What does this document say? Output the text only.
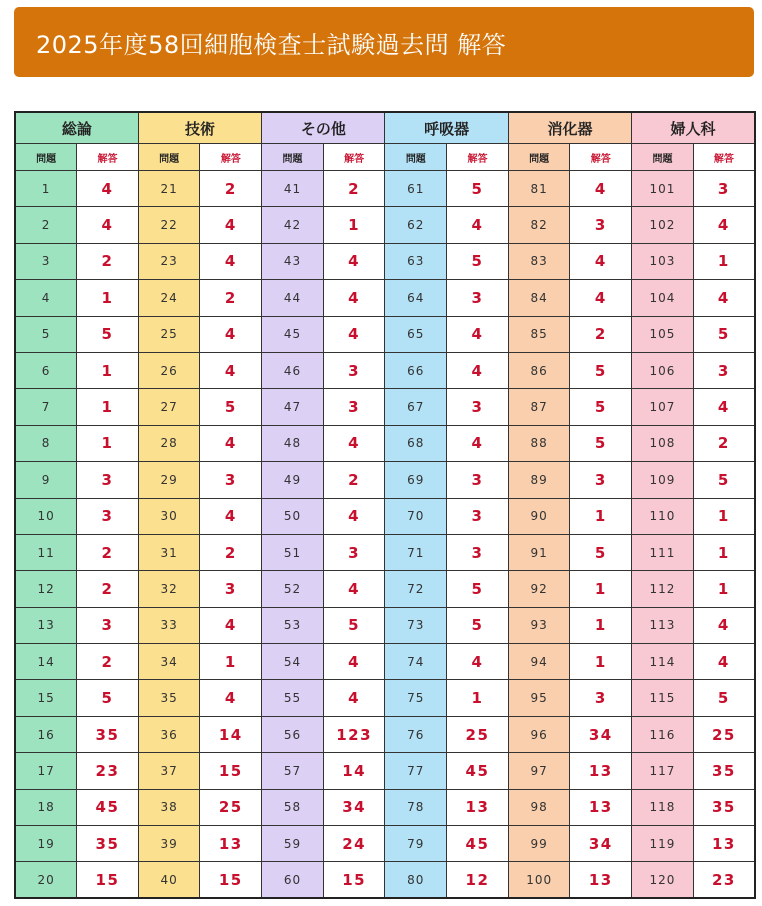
2025年度58回細胞検査士試験過去問 解答
総論		技術		その他		呼吸器		消化器		婦人科	
問題	解答	問題	解答	問題	解答	問題	解答	問題	解答	問題	解答
1	4	21	2	41	2	61	5	81	4	101	3
2	4	22	4	42	1	62	4	82	3	102	4
3	2	23	4	43	4	63	5	83	4	103	1
4	1	24	2	44	4	64	3	84	4	104	4
5	5	25	4	45	4	65	4	85	2	105	5
6	1	26	4	46	3	66	4	86	5	106	3
7	1	27	5	47	3	67	3	87	5	107	4
8	1	28	4	48	4	68	4	88	5	108	2
9	3	29	3	49	2	69	3	89	3	109	5
10	3	30	4	50	4	70	3	90	1	110	1
11	2	31	2	51	3	71	3	91	5	111	1
12	2	32	3	52	4	72	5	92	1	112	1
13	3	33	4	53	5	73	5	93	1	113	4
14	2	34	1	54	4	74	4	94	1	114	4
15	5	35	4	55	4	75	1	95	3	115	5
16	35	36	14	56	123	76	25	96	34	116	25
17	23	37	15	57	14	77	45	97	13	117	35
18	45	38	25	58	34	78	13	98	13	118	35
19	35	39	13	59	24	79	45	99	34	119	13
20	15	40	15	60	15	80	12	100	13	120	23
